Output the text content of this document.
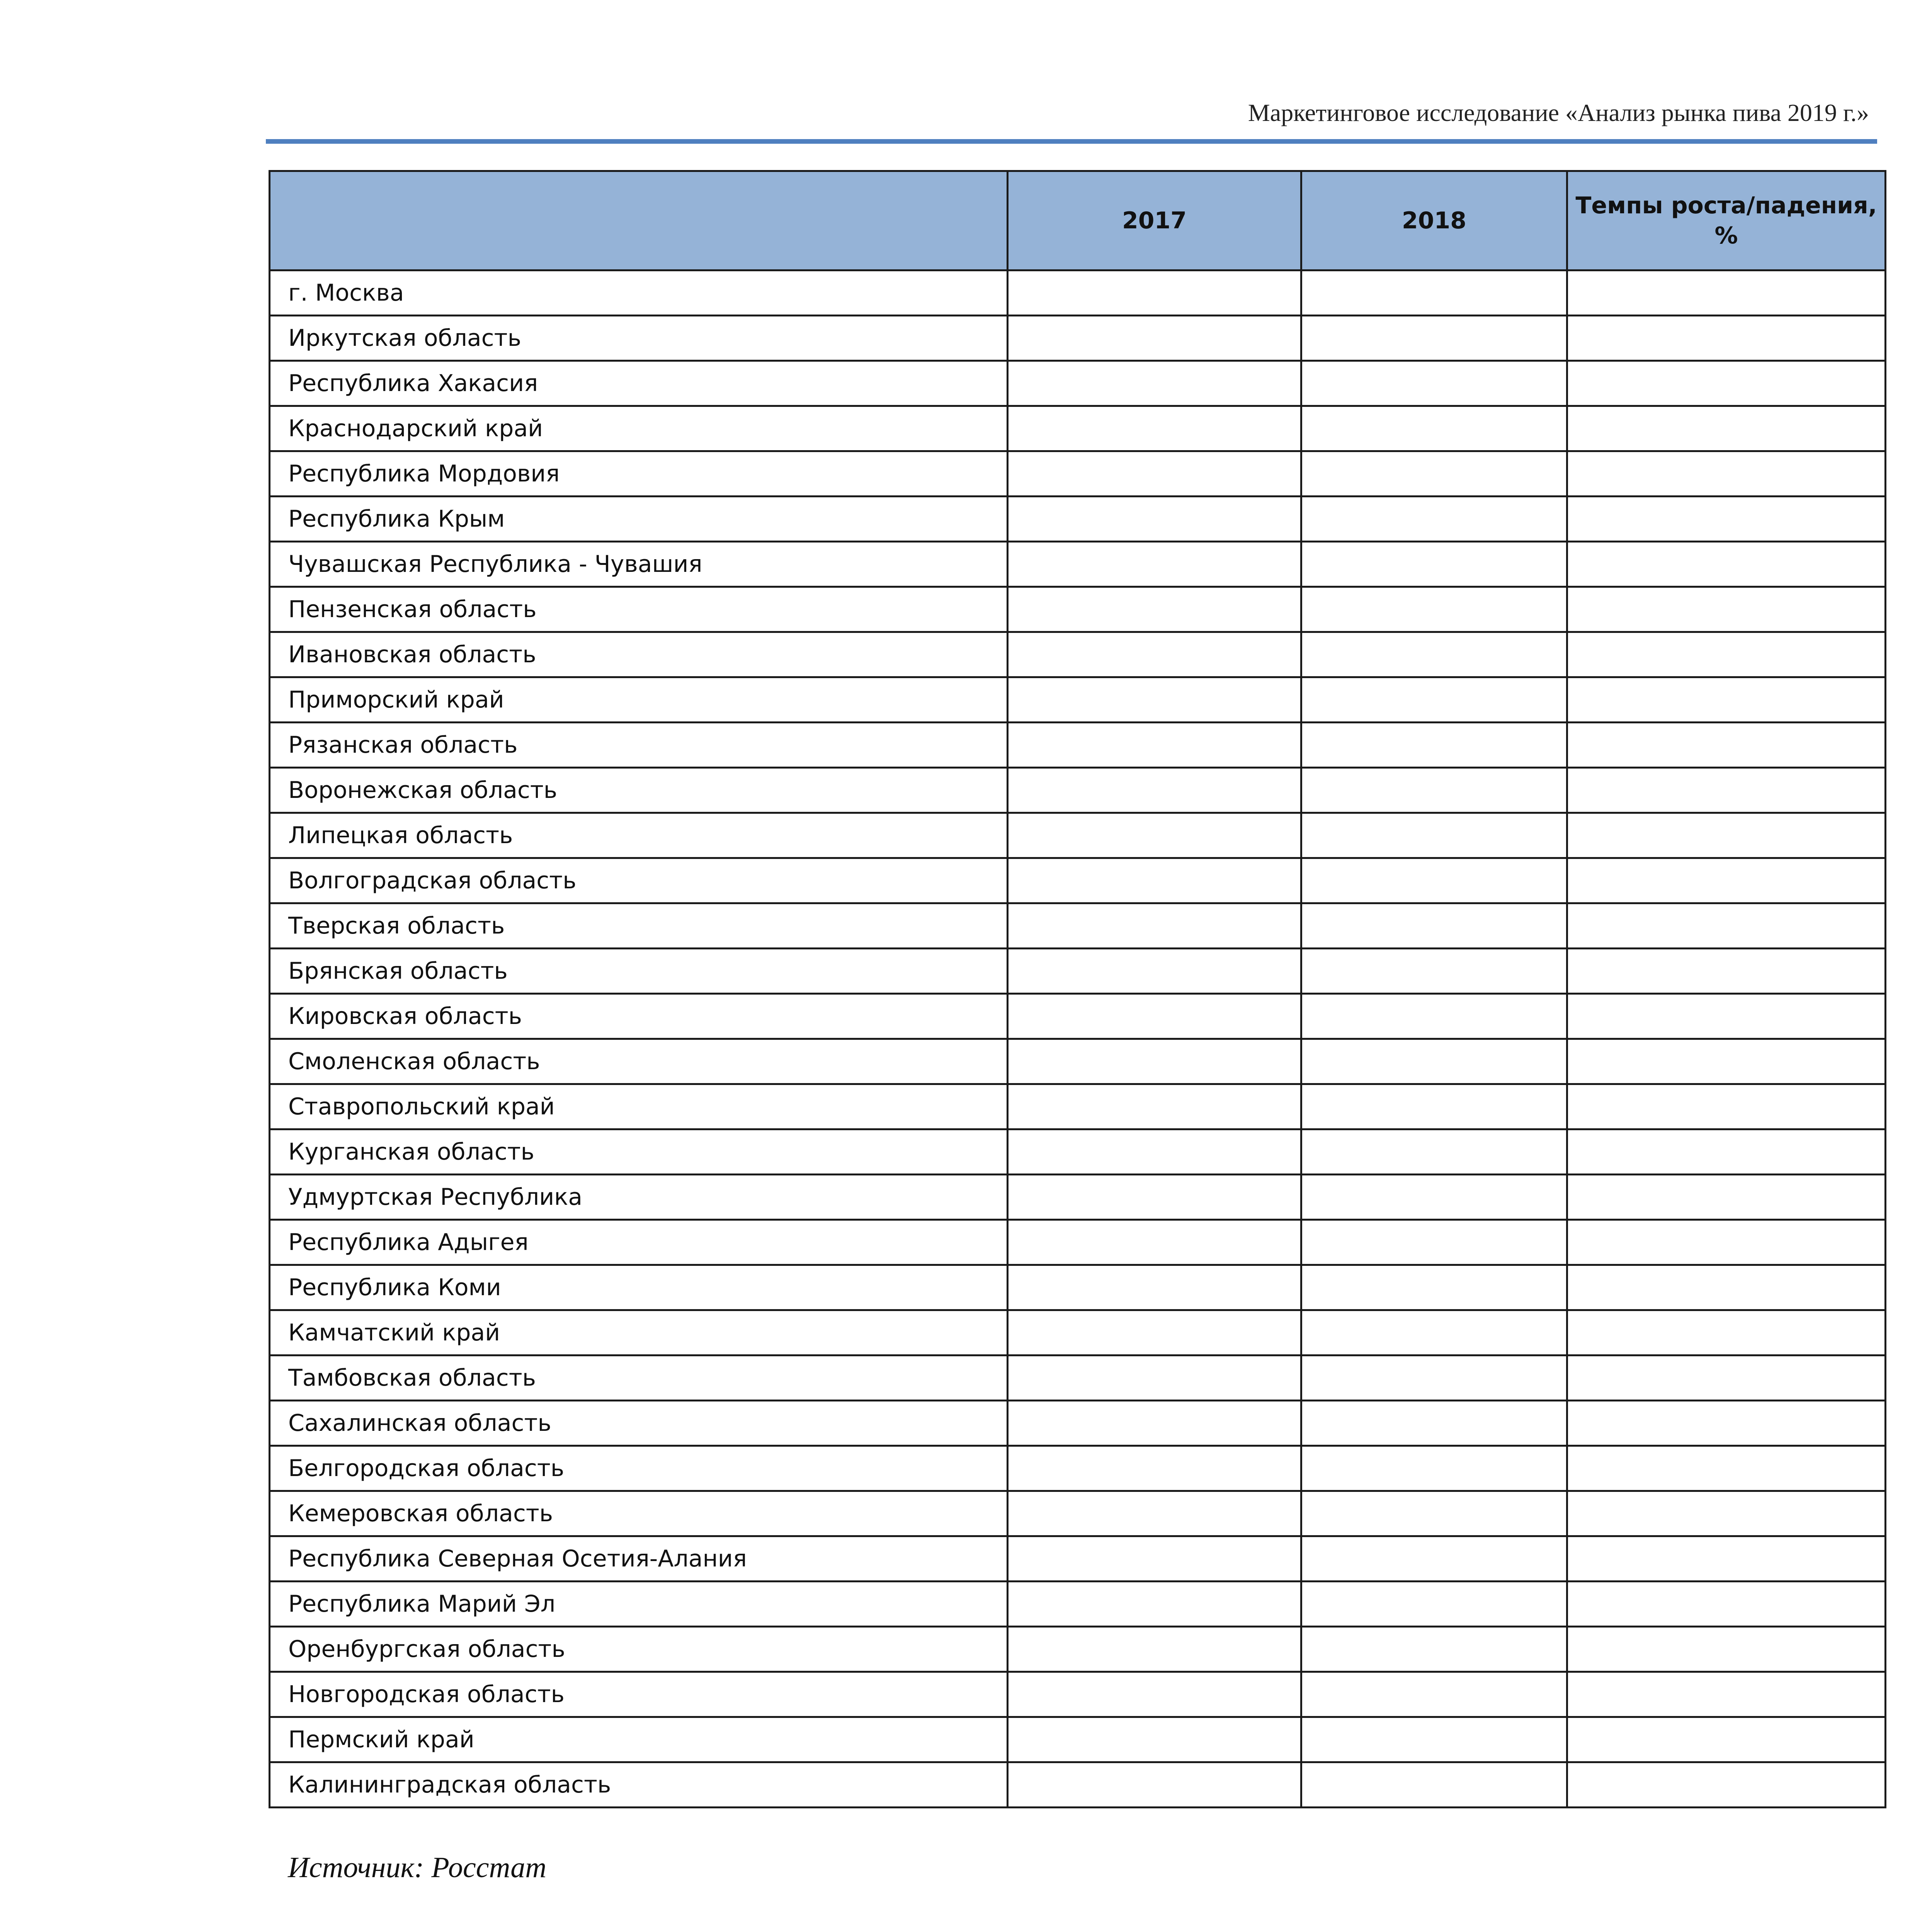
Маркетинговое исследование «Анализ рынка пива 2019 г.»
	2017	2018	Темпы роста/падения, %
г. Москва			
Иркутская область			
Республика Хакасия			
Краснодарский край			
Республика Мордовия			
Республика Крым			
Чувашская Республика - Чувашия			
Пензенская область			
Ивановская область			
Приморский край			
Рязанская область			
Воронежская область			
Липецкая область			
Волгоградская область			
Тверская область			
Брянская область			
Кировская область			
Смоленская область			
Ставропольский край			
Курганская область			
Удмуртская Республика			
Республика Адыгея			
Республика Коми			
Камчатский край			
Тамбовская область			
Сахалинская область			
Белгородская область			
Кемеровская область			
Республика Северная Осетия-Алания			
Республика Марий Эл			
Оренбургская область			
Новгородская область			
Пермский край			
Калининградская область			
Источник: Росстат
